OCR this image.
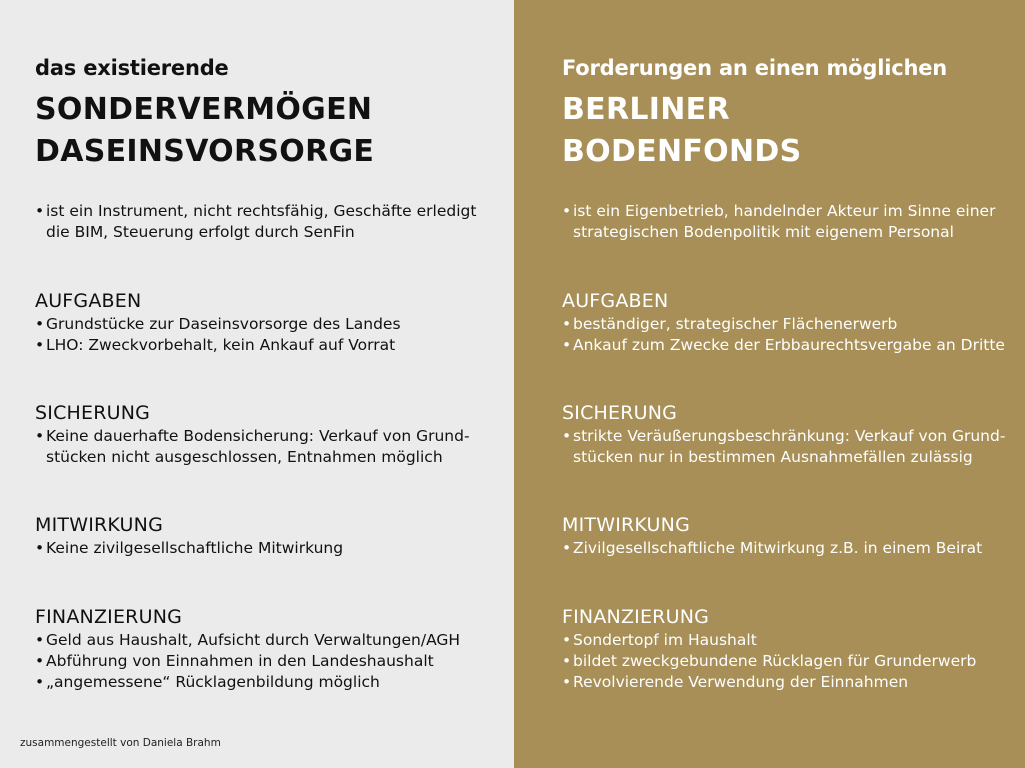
das existierende
SONDERVERMÖGEN
DASEINSVORSORGE
• ist ein Instrument, nicht rechtsfähig, Geschäfte erledigt
die BIM, Steuerung erfolgt durch SenFin
AUFGABEN
• Grundstücke zur Daseinsvorsorge des Landes
• LHO: Zweckvorbehalt, kein Ankauf auf Vorrat
SICHERUNG
• Keine dauerhafte Bodensicherung: Verkauf von Grund-
stücken nicht ausgeschlossen, Entnahmen möglich
MITWIRKUNG
• Keine zivilgesellschaftliche Mitwirkung
FINANZIERUNG
• Geld aus Haushalt, Aufsicht durch Verwaltungen/AGH
• Abführung von Einnahmen in den Landeshaushalt
• „angemessene“ Rücklagenbildung möglich
zusammengestellt von Daniela Brahm
Forderungen an einen möglichen
BERLINER
BODENFONDS
• ist ein Eigenbetrieb, handelnder Akteur im Sinne einer
strategischen Bodenpolitik mit eigenem Personal
AUFGABEN
• beständiger, strategischer Flächenerwerb
• Ankauf zum Zwecke der Erbbaurechtsvergabe an Dritte
SICHERUNG
• strikte Veräußerungsbeschränkung: Verkauf von Grund-
stücken nur in bestimmen Ausnahmefällen zulässig
MITWIRKUNG
• Zivilgesellschaftliche Mitwirkung z.B. in einem Beirat
FINANZIERUNG
• Sondertopf im Haushalt
• bildet zweckgebundene Rücklagen für Grunderwerb
• Revolvierende Verwendung der Einnahmen
